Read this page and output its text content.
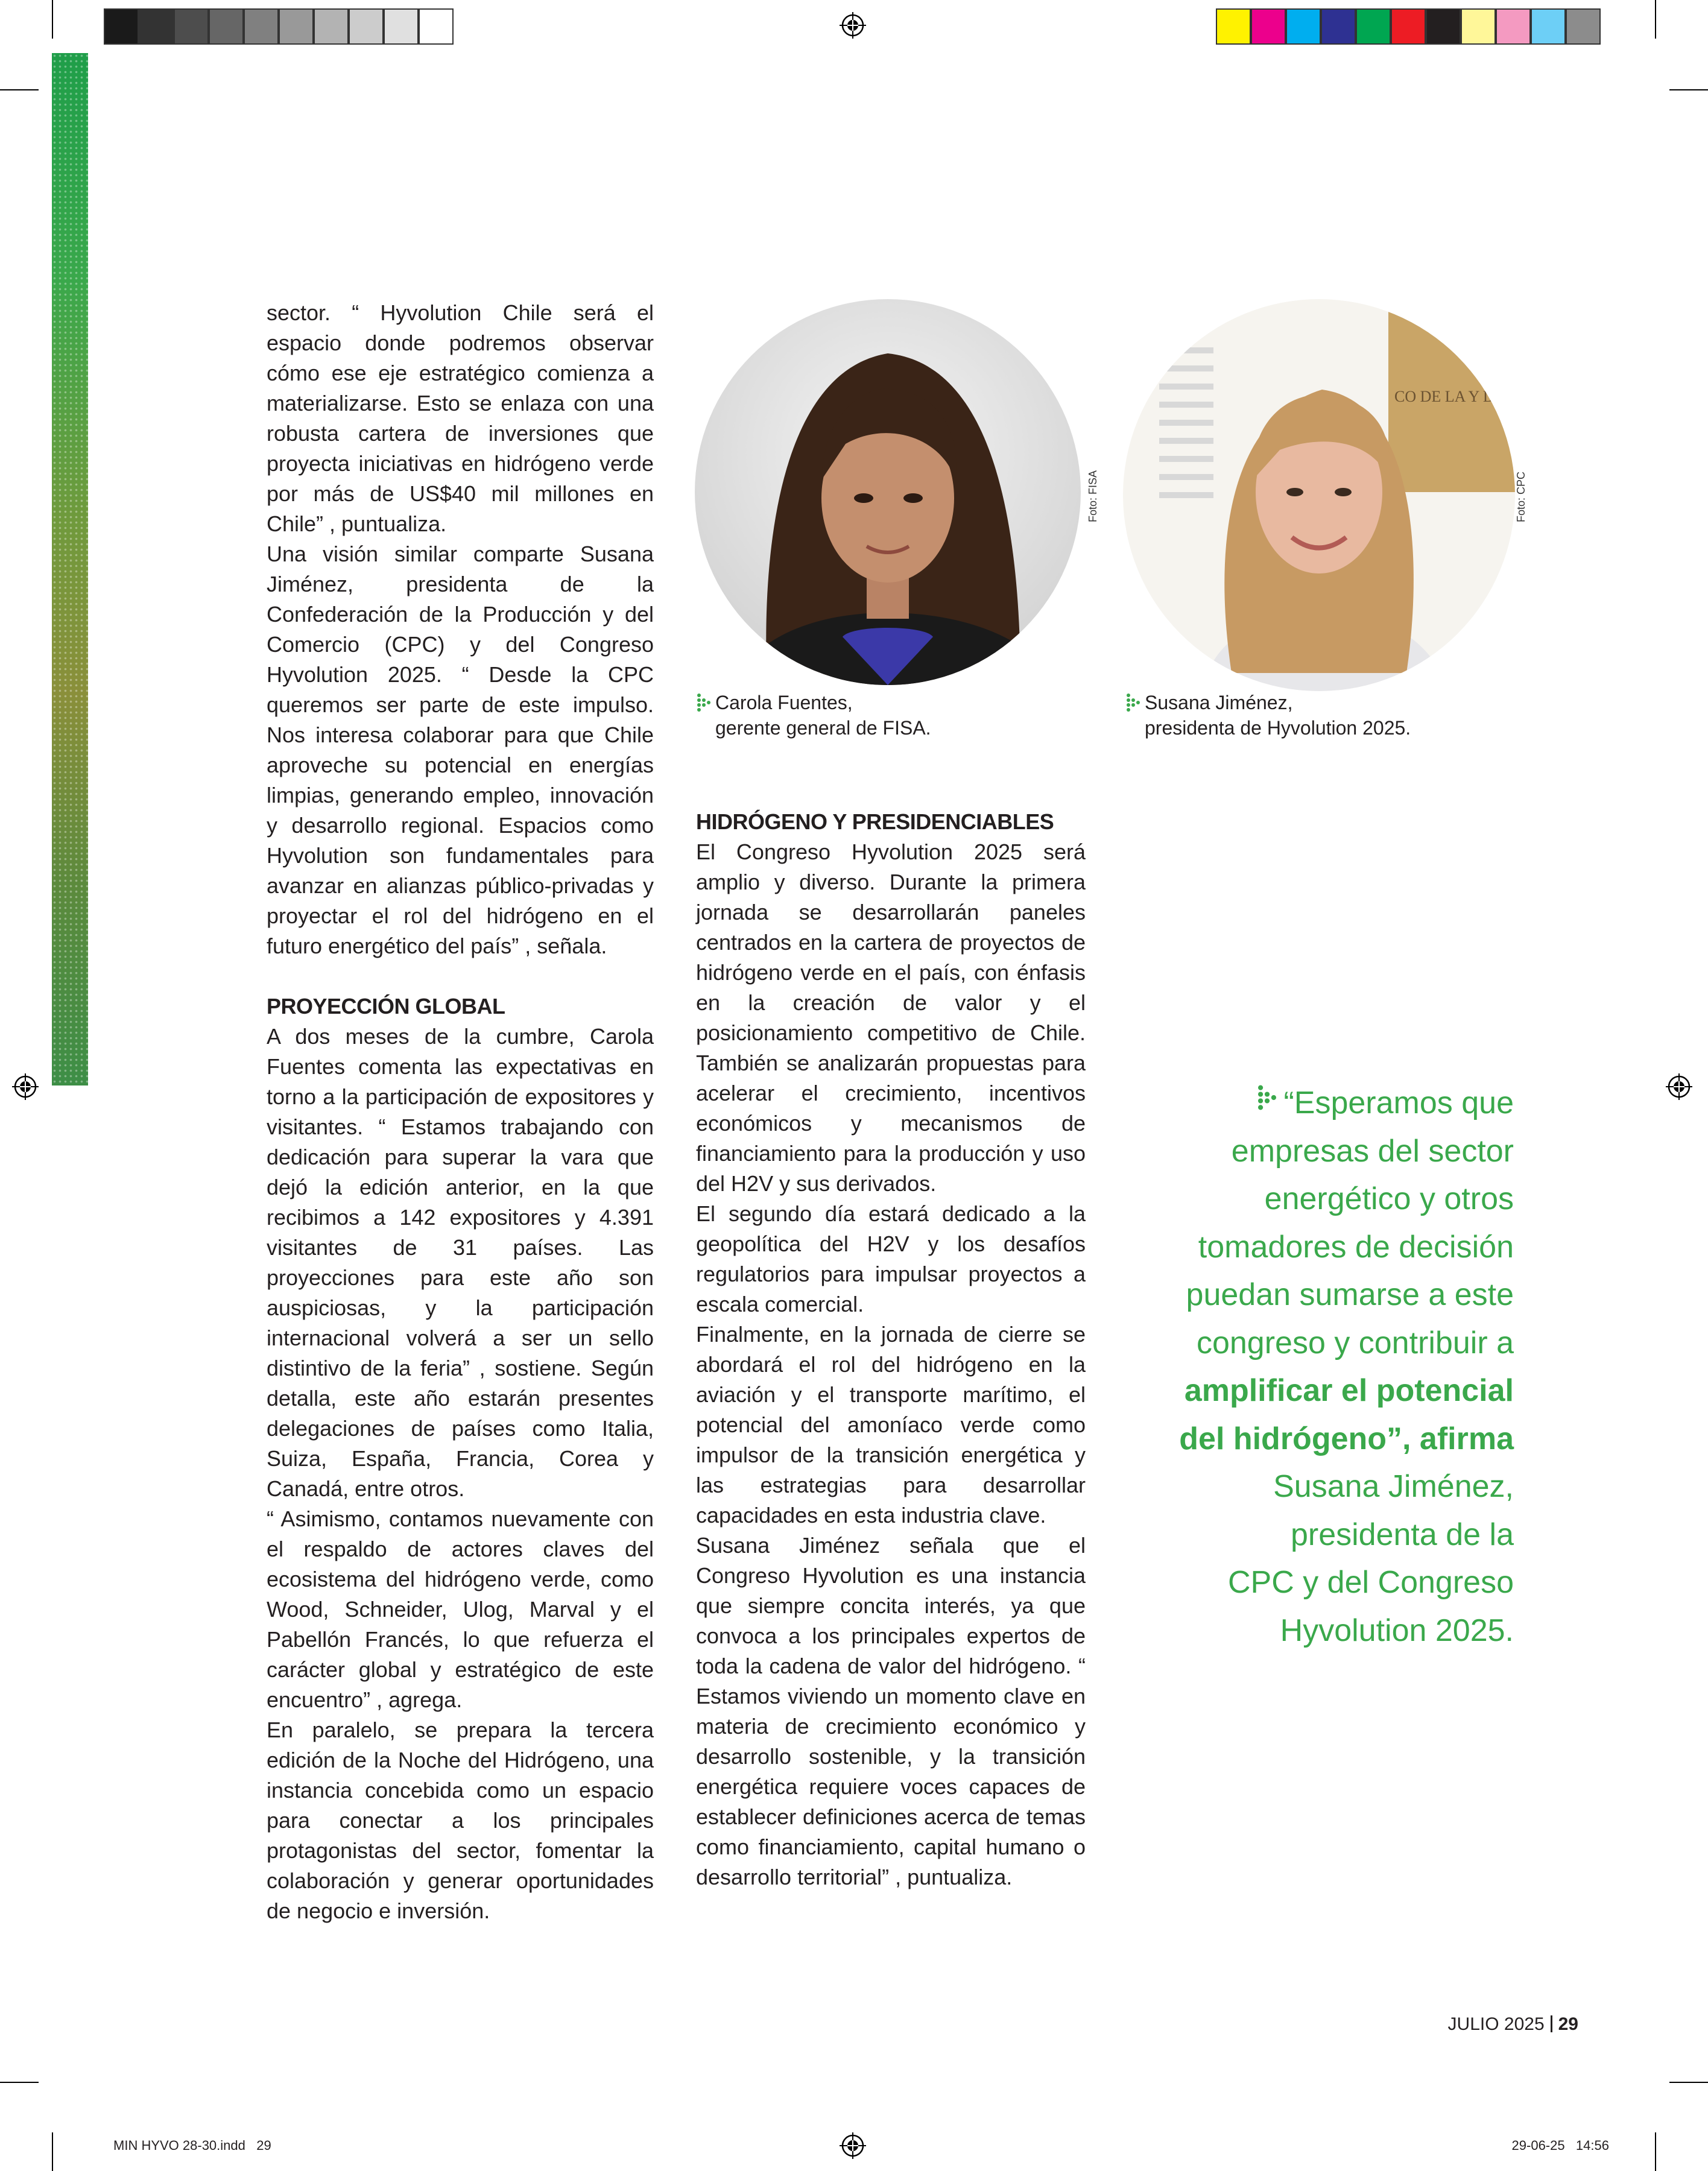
sector. “ Hyvolution Chile será el espacio donde podremos observar cómo ese eje estratégico comienza a materializarse. Esto se enlaza con una robusta cartera de inversiones que proyecta iniciativas en hidrógeno verde por más de US$40 mil millones en Chile” , puntualiza.

Una visión similar comparte Susana Jiménez, presidenta de la Confederación de la Producción y del Comercio (CPC) y del Congreso Hyvolution 2025. “ Desde la CPC queremos ser parte de este impulso. Nos interesa colaborar para que Chile aproveche su potencial en energías limpias, generando empleo, innovación y desarrollo regional. Espacios como Hyvolution son fundamentales para avanzar en alianzas público-privadas y proyectar el rol del hidrógeno en el futuro energético del país” , señala.

PROYECCIÓN GLOBAL

A dos meses de la cumbre, Carola Fuentes comenta las expectativas en torno a la participación de expositores y visitantes. “ Estamos trabajando con dedicación para superar la vara que dejó la edición anterior, en la que recibimos a 142 expositores y 4.391 visitantes de 31 países. Las proyecciones para este año son auspiciosas, y la participación internacional volverá a ser un sello distintivo de la feria” , sostiene. Según detalla, este año estarán presentes delegaciones de países como Italia, Suiza, España, Francia, Corea y Canadá, entre otros.

“ Asimismo, contamos nuevamente con el respaldo de actores claves del ecosistema del hidrógeno verde, como Wood, Schneider, Ulog, Marval y el Pabellón Francés, lo que refuerza el carácter global y estratégico de este encuentro” , agrega.

En paralelo, se prepara la tercera edición de la Noche del Hidrógeno, una instancia concebida como un espacio para conectar a los principales protagonistas del sector, fomentar la colaboración y generar oportunidades de negocio e inversión.

Foto: FISA
CO DE LA Y DEL
Foto: CPC
Carola Fuentes,
gerente general de FISA.
Susana Jiménez,
presidenta de Hyvolution 2025.
HIDRÓGENO Y PRESIDENCIABLES

El Congreso Hyvolution 2025 será amplio y diverso. Durante la primera jornada se desarrollarán paneles centrados en la cartera de proyectos de hidrógeno verde en el país, con énfasis en la creación de valor y el posicionamiento competitivo de Chile. También se analizarán propuestas para acelerar el crecimiento, incentivos económicos y mecanismos de financiamiento para la producción y uso del H2V y sus derivados.

El segundo día estará dedicado a la geopolítica del H2V y los desafíos regulatorios para impulsar proyectos a escala comercial.

Finalmente, en la jornada de cierre se abordará el rol del hidrógeno en la aviación y el transporte marítimo, el potencial del amoníaco verde como impulsor de la transición energética y las estrategias para desarrollar capacidades en esta industria clave.

Susana Jiménez señala que el Congreso Hyvolution es una instancia que siempre concita interés, ya que convoca a los principales expertos de toda la cadena de valor del hidrógeno. “ Estamos viviendo un momento clave en materia de crecimiento económico y desarrollo sostenible, y la transición energética requiere voces capaces de establecer definiciones acerca de temas como financiamiento, capital humano o desarrollo territorial” , puntualiza.

“Esperamos que
empresas del sector
energético y otros
tomadores de decisión
puedan sumarse a este
congreso y contribuir a
amplificar el potencial
del hidrógeno”, afirma
Susana Jiménez,
presidenta de la
CPC y del Congreso
Hyvolution 2025.
JULIO 2025 29
MIN HYVO 28-30.indd   29	29-06-25   14:56
